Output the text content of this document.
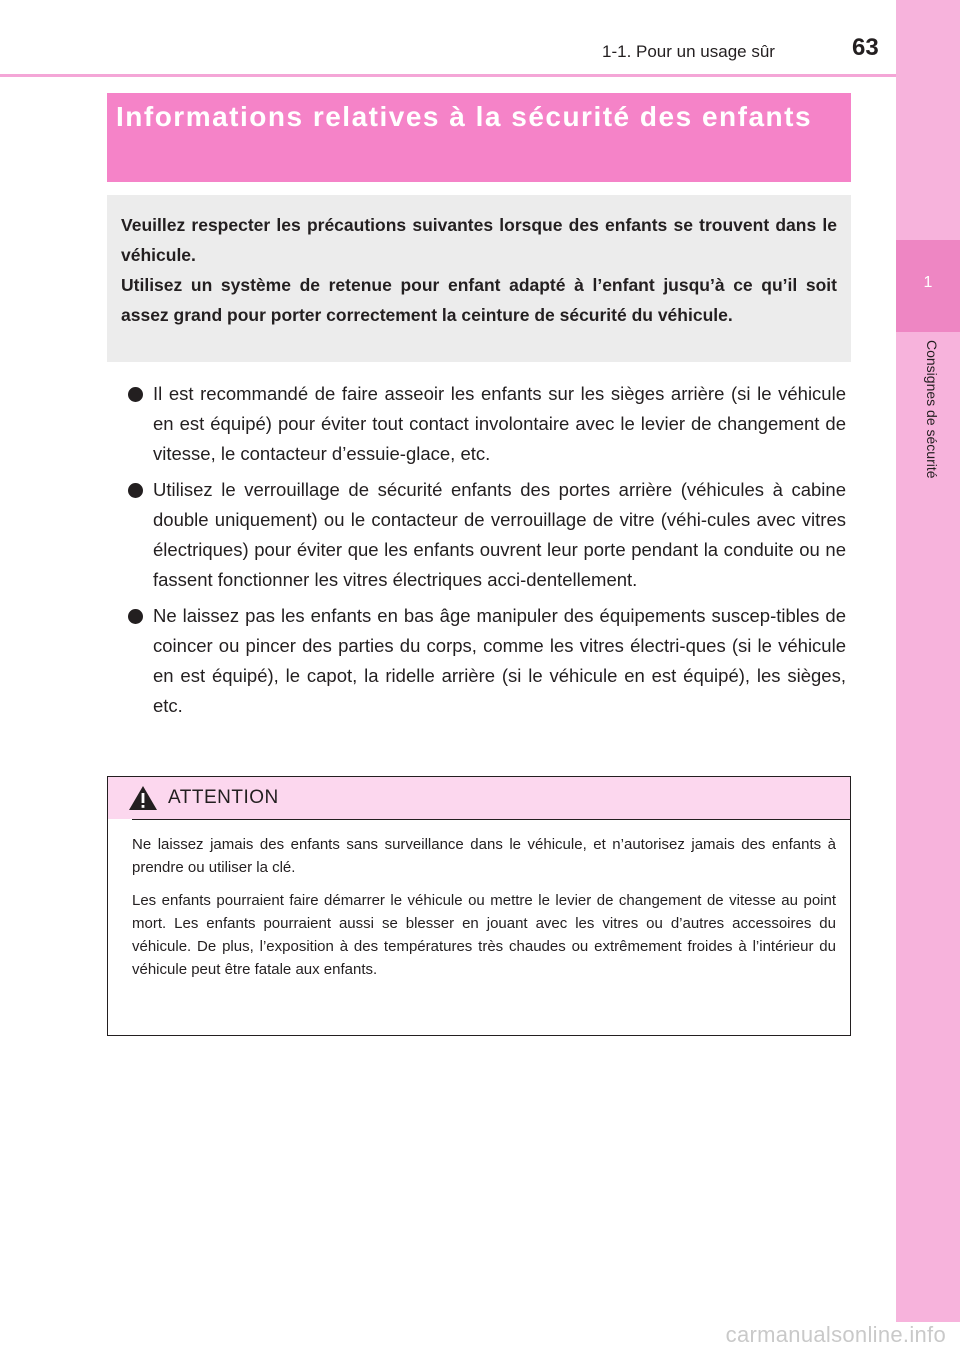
1-1. Pour un usage sûr	63
1
Consignes de sécurité
Informations relatives à la sécurité des enfants

Veuillez respecter les précautions suivantes lorsque des enfants se trouvent dans le véhicule.

Utilisez un système de retenue pour enfant adapté à l’enfant jusqu’à ce qu’il soit assez grand pour porter correctement la ceinture de sécurité du véhicule.

Il est recommandé de faire asseoir les enfants sur les sièges arrière (si le véhicule en est équipé) pour éviter tout contact involontaire avec le levier de changement de vitesse, le contacteur d’essuie-glace, etc.
Utilisez le verrouillage de sécurité enfants des portes arrière (véhicules à cabine double uniquement) ou le contacteur de verrouillage de vitre (véhi-cules avec vitres électriques) pour éviter que les enfants ouvrent leur porte pendant la conduite ou ne fassent fonctionner les vitres électriques acci-dentellement.
Ne laissez pas les enfants en bas âge manipuler des équipements suscep-tibles de coincer ou pincer des parties du corps, comme les vitres électri-ques (si le véhicule en est équipé), le capot, la ridelle arrière (si le véhicule en est équipé), les sièges, etc.
ATTENTION

Ne laissez jamais des enfants sans surveillance dans le véhicule, et n’autorisez jamais des enfants à prendre ou utiliser la clé.

Les enfants pourraient faire démarrer le véhicule ou mettre le levier de changement de vitesse au point mort. Les enfants pourraient aussi se blesser en jouant avec les vitres ou d’autres accessoires du véhicule. De plus, l’exposition à des températures très chaudes ou extrêmement froides à l’intérieur du véhicule peut être fatale aux enfants.

carmanualsonline.info
